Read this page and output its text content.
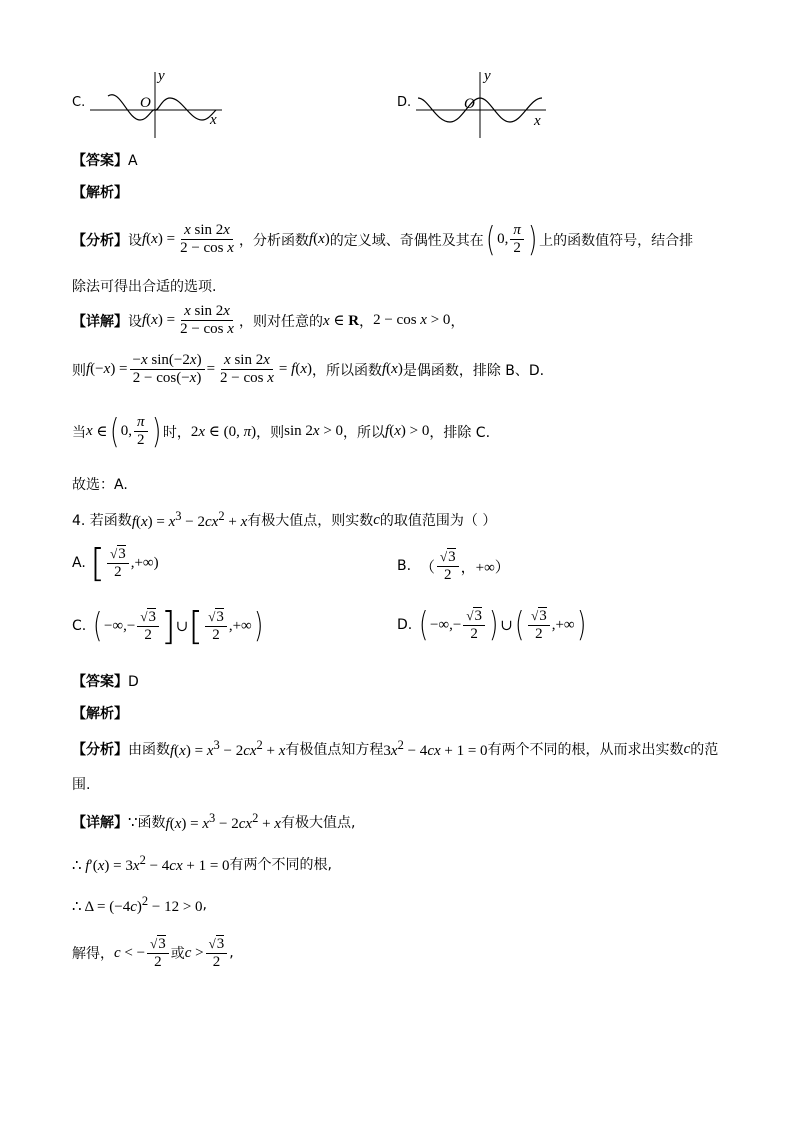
C.
y
O
x
D.
y
O
x
【答案】A
【解析】
【分析】 设 $f(x) = \frac{\text{x sin 2x}}{\text{2 − cos x}}$ ，分析函数 f(x) 的定义域、奇偶性及其在 ( 0, $\frac{\pi}{2}$ ) 上的函数值符号，结合排
除法可得出合适的选项.
【详解】 设 $f(x) = \frac{\text{x sin 2x}}{\text{2 − cos x}}$ ，则对任意的 x ∈ R ， 2 − cos x > 0 ，
则 $f(-x) = \frac{\text{−x sin(−2x)}}{2 - \cos(-x)} = \frac{\text{x sin 2x}}{\text{2 − cos x}} = f(x)$ ，所以函数 f(x) 是偶函数，排除 B、D.
当 x ∈ ( 0, $\frac{\pi}{2}$ ) 时， 2x ∈ (0, π) ，则 sin 2x > 0 ，所以 f(x) > 0 ，排除 C.
故选：A.
4. 若函数 $f(x) = x^3 - 2cx^2 + x$ 有极大值点，则实数 c 的取值范围为（ ）
A.
[ $\frac{√3}{2}$ ,+∞)	B.
（ $\frac{√3}{2}$ ，+∞）
C.
( −∞,− $\frac{√3}{2}$ ] ∪ [ $\frac{√3}{2}$ ,+∞ )	D.
( −∞,− $\frac{√3}{2}$ ) ∪ ( $\frac{√3}{2}$ ,+∞ )
【答案】D
【解析】
【分析】 由函数 $f(x) = x^3 - 2cx^2 + x$ 有极值点知方程 $3x^2 - 4cx + 1 = 0$ 有两个不同的根，从而求出实数 c 的范
围.
【详解】 ∵ 函数 $f(x) = x^3 - 2cx^2 + x$ 有极大值点,
∴ $f'(x) = 3x^2 - 4cx + 1 = 0$ 有两个不同的根,
∴ $\Delta = (-4c)^2 - 12 > 0$ ,
解得， c < − $\frac{√3}{2}$ 或 $c > \frac{√3}{2}$ ,
